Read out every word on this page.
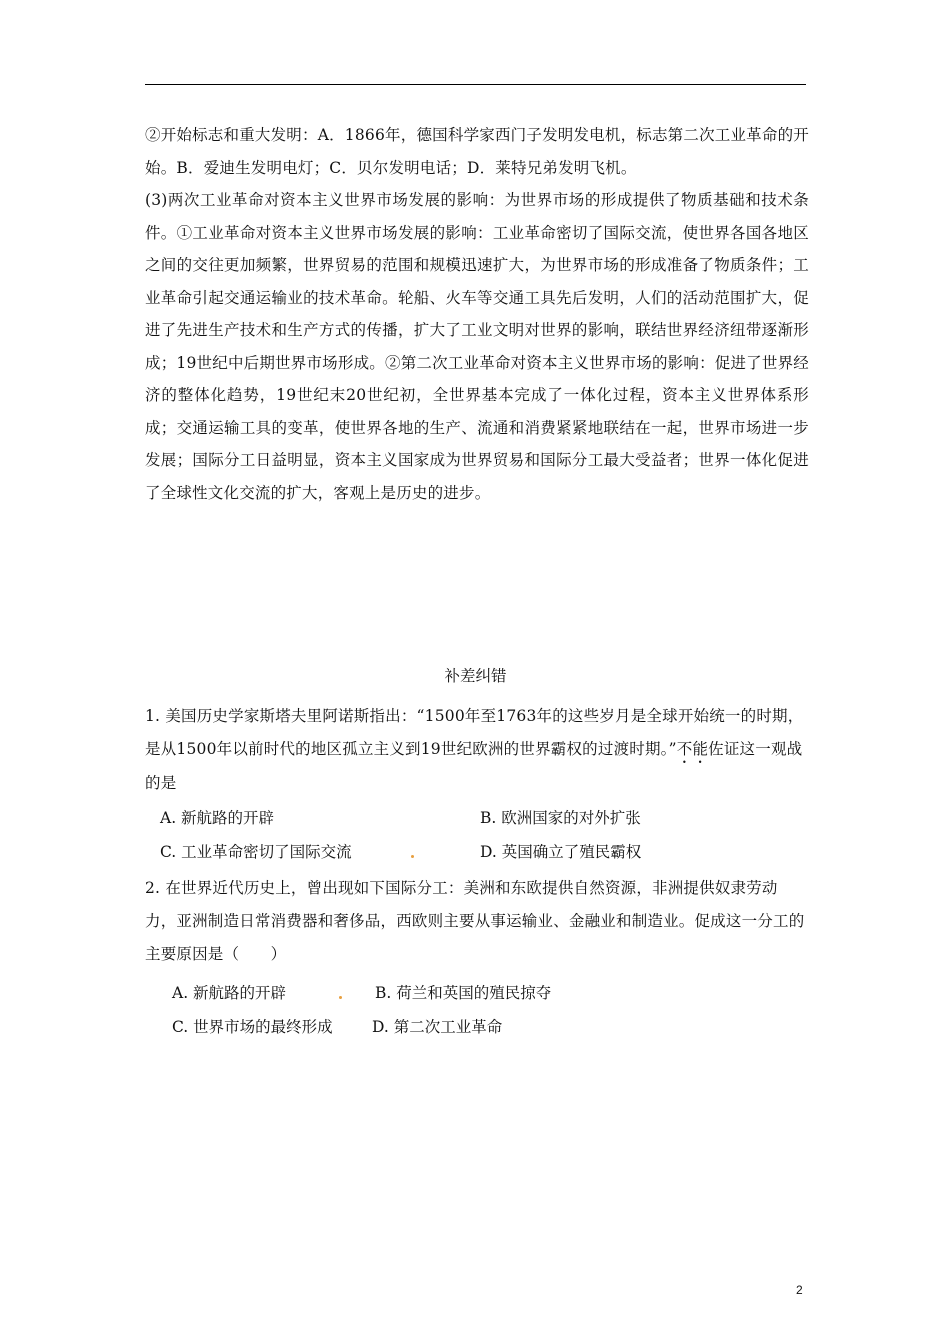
②开始标志和重大发明：A．1866年，德国科学家西门子发明发电机，标志第二次工业革命的开始。B．爱迪生发明电灯；C．贝尔发明电话；D．莱特兄弟发明飞机。

(3)两次工业革命对资本主义世界市场发展的影响：为世界市场的形成提供了物质基础和技术条件。①工业革命对资本主义世界市场发展的影响：工业革命密切了国际交流，使世界各国各地区之间的交往更加频繁，世界贸易的范围和规模迅速扩大，为世界市场的形成准备了物质条件；工业革命引起交通运输业的技术革命。轮船、火车等交通工具先后发明，人们的活动范围扩大，促进了先进生产技术和生产方式的传播，扩大了工业文明对世界的影响，联结世界经济纽带逐渐形成；19世纪中后期世界市场形成。②第二次工业革命对资本主义世界市场的影响：促进了世界经济的整体化趋势，19世纪末20世纪初，全世界基本完成了一体化过程，资本主义世界体系形成；交通运输工具的变革，使世界各地的生产、流通和消费紧紧地联结在一起，世界市场进一步发展；国际分工日益明显，资本主义国家成为世界贸易和国际分工最大受益者；世界一体化促进了全球性文化交流的扩大，客观上是历史的进步。

补差纠错

1. 美国历史学家斯塔夫里阿诺斯指出：“1500年至1763年的这些岁月是全球开始统一的时期，是从1500年以前时代的地区孤立主义到19世纪欧洲的世界霸权的过渡时期。”不能佐证这一观战的是

A. 新航路的开辟	B. 欧洲国家的对外扩张
C. 工业革命密切了国际交流	D. 英国确立了殖民霸权

2. 在世界近代历史上，曾出现如下国际分工：美洲和东欧提供自然资源，非洲提供奴隶劳动力，亚洲制造日常消费器和奢侈品，西欧则主要从事运输业、金融业和制造业。促成这一分工的主要原因是（　　）

A. 新航路的开辟	B. 荷兰和英国的殖民掠夺
C. 世界市场的最终形成	D. 第二次工业革命
2
